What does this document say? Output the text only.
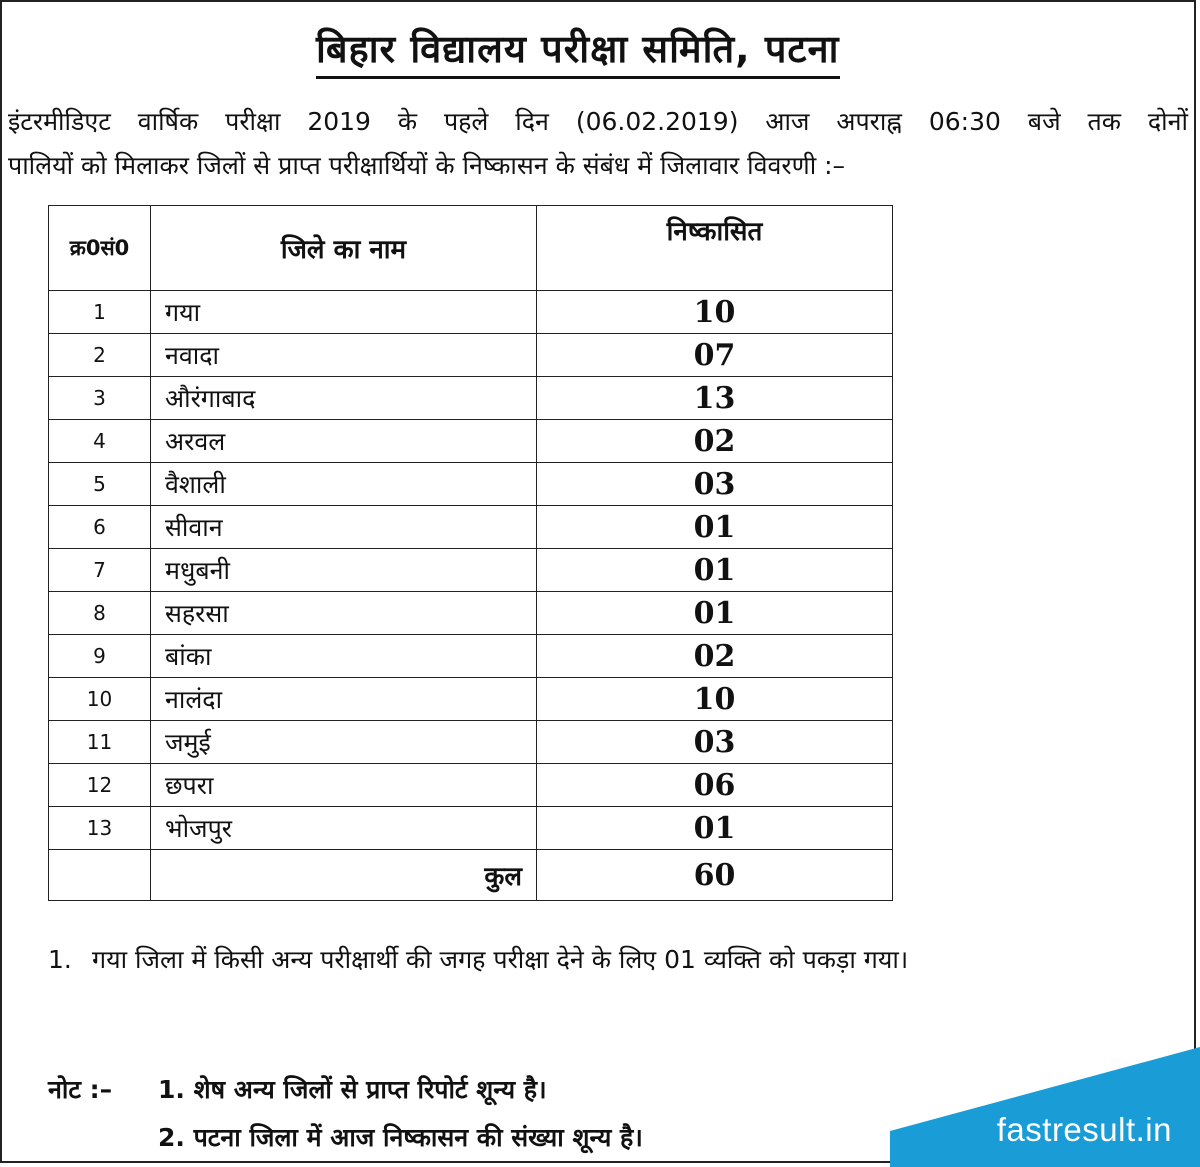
बिहार विद्यालय परीक्षा समिति, पटना

इंटरमीडिएट वार्षिक परीक्षा 2019 के पहले दिन (06.02.2019) आज अपराह्न 06:30 बजे तक दोनों
पालियों को मिलाकर जिलों से प्राप्त परीक्षार्थियों के निष्कासन के संबंध में जिलावार विवरणी :–

क्र0सं0	जिले का नाम	निष्कासित
1	गया	10
2	नवादा	07
3	औरंगाबाद	13
4	अरवल	02
5	वैशाली	03
6	सीवान	01
7	मधुबनी	01
8	सहरसा	01
9	बांका	02
10	नालंदा	10
11	जमुई	03
12	छपरा	06
13	भोजपुर	01
	कुल	60
1. गया जिला में किसी अन्य परीक्षार्थी की जगह परीक्षा देने के लिए 01 व्यक्ति को पकड़ा गया।
नोट :–	1. शेष अन्य जिलों से प्राप्त रिपोर्ट शून्य है।
2. पटना जिला में आज निष्कासन की संख्या शून्य है।	fastresult.in
